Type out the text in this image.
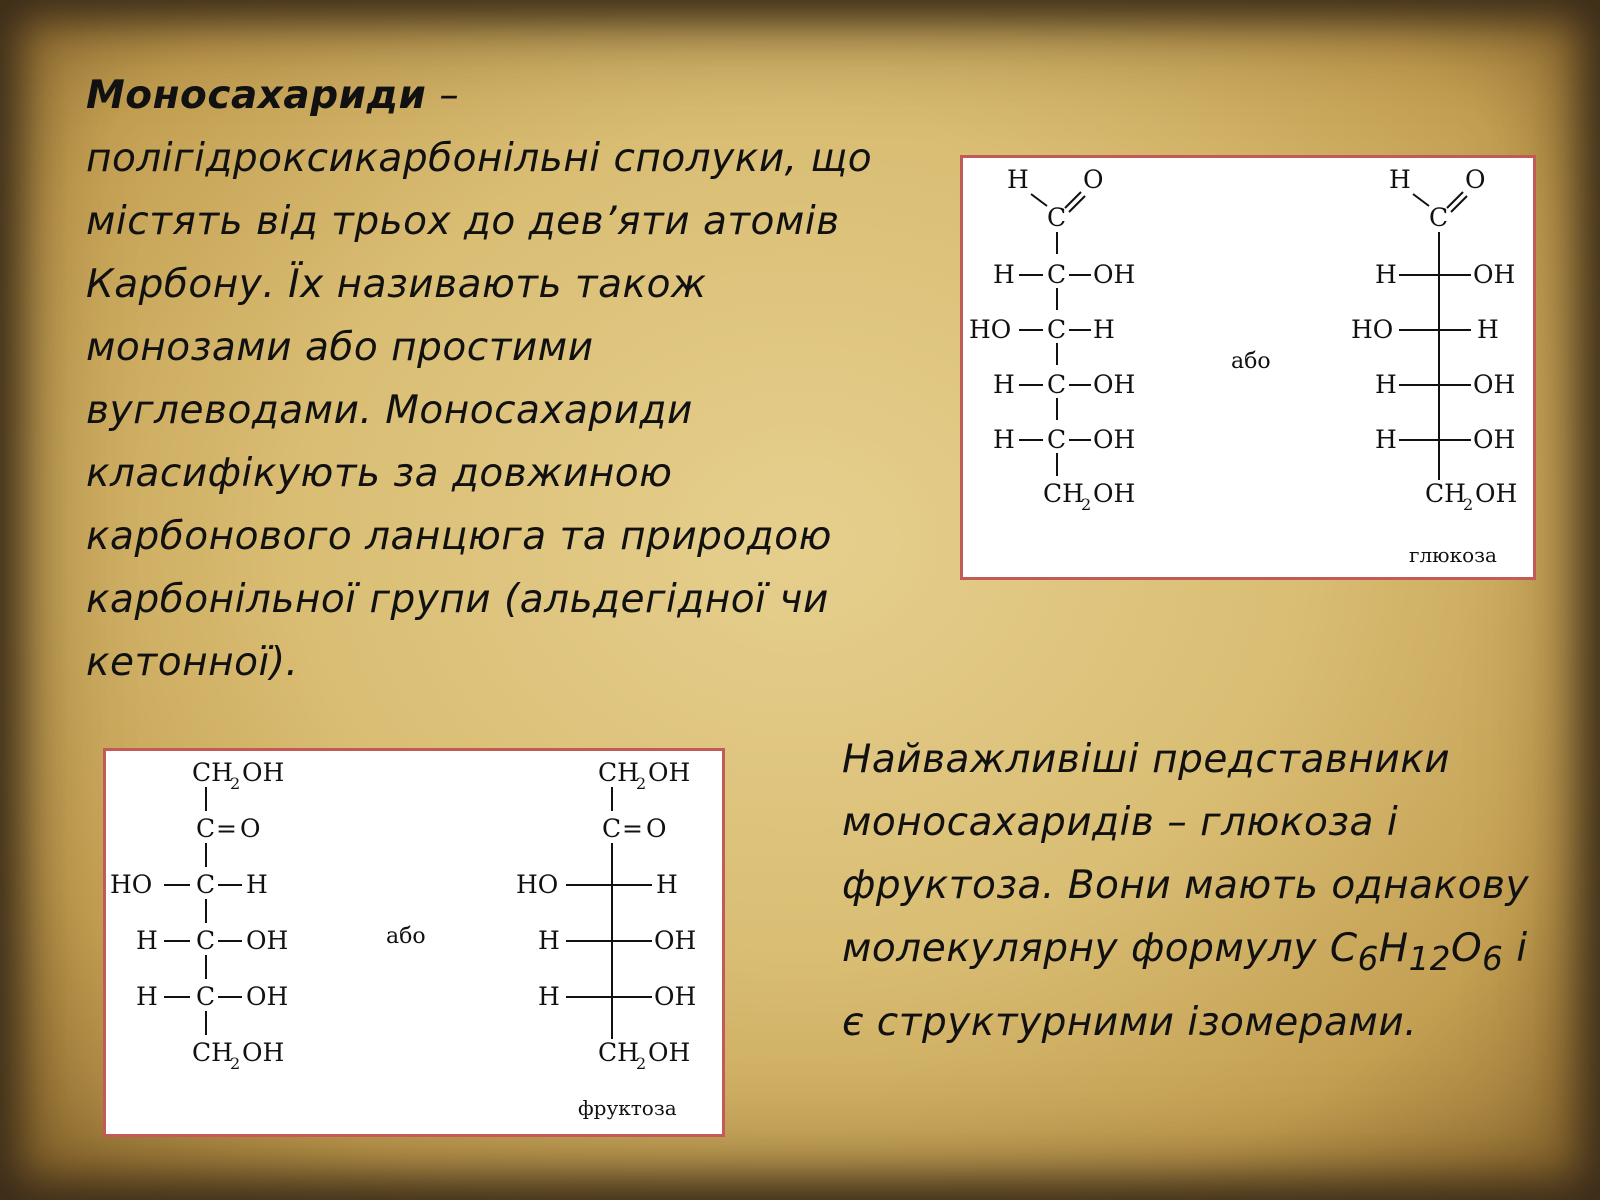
Моносахариди – полігідроксикарбонільні сполуки, що містять від трьох до дев’яти атомів Карбону. Їх називають також монозами або простими вуглеводами. Моносахариди класифікують за довжиною карбонового ланцюга та природою карбонільної групи (альдегідної чи кетонної).
Найважливіші представники моносахаридів – глюкоза і фруктоза. Вони мають однакову молекулярну формулу $C_6H_{12}O_6$ і є структурними ізомерами.
H O
C
H C OH
HO C H
H C OH
H C OH
CH
2 OH
або
H O
C
H	OH
HO	H
H	OH
H	OH
CH
2 OH
глюкоза
CH
2 OH
C = O
HO C H
H C OH
H C OH
CH
2 OH
або
CH
2 OH
C = O
HO	H
H	OH
H	OH
CH
2 OH
фруктоза
